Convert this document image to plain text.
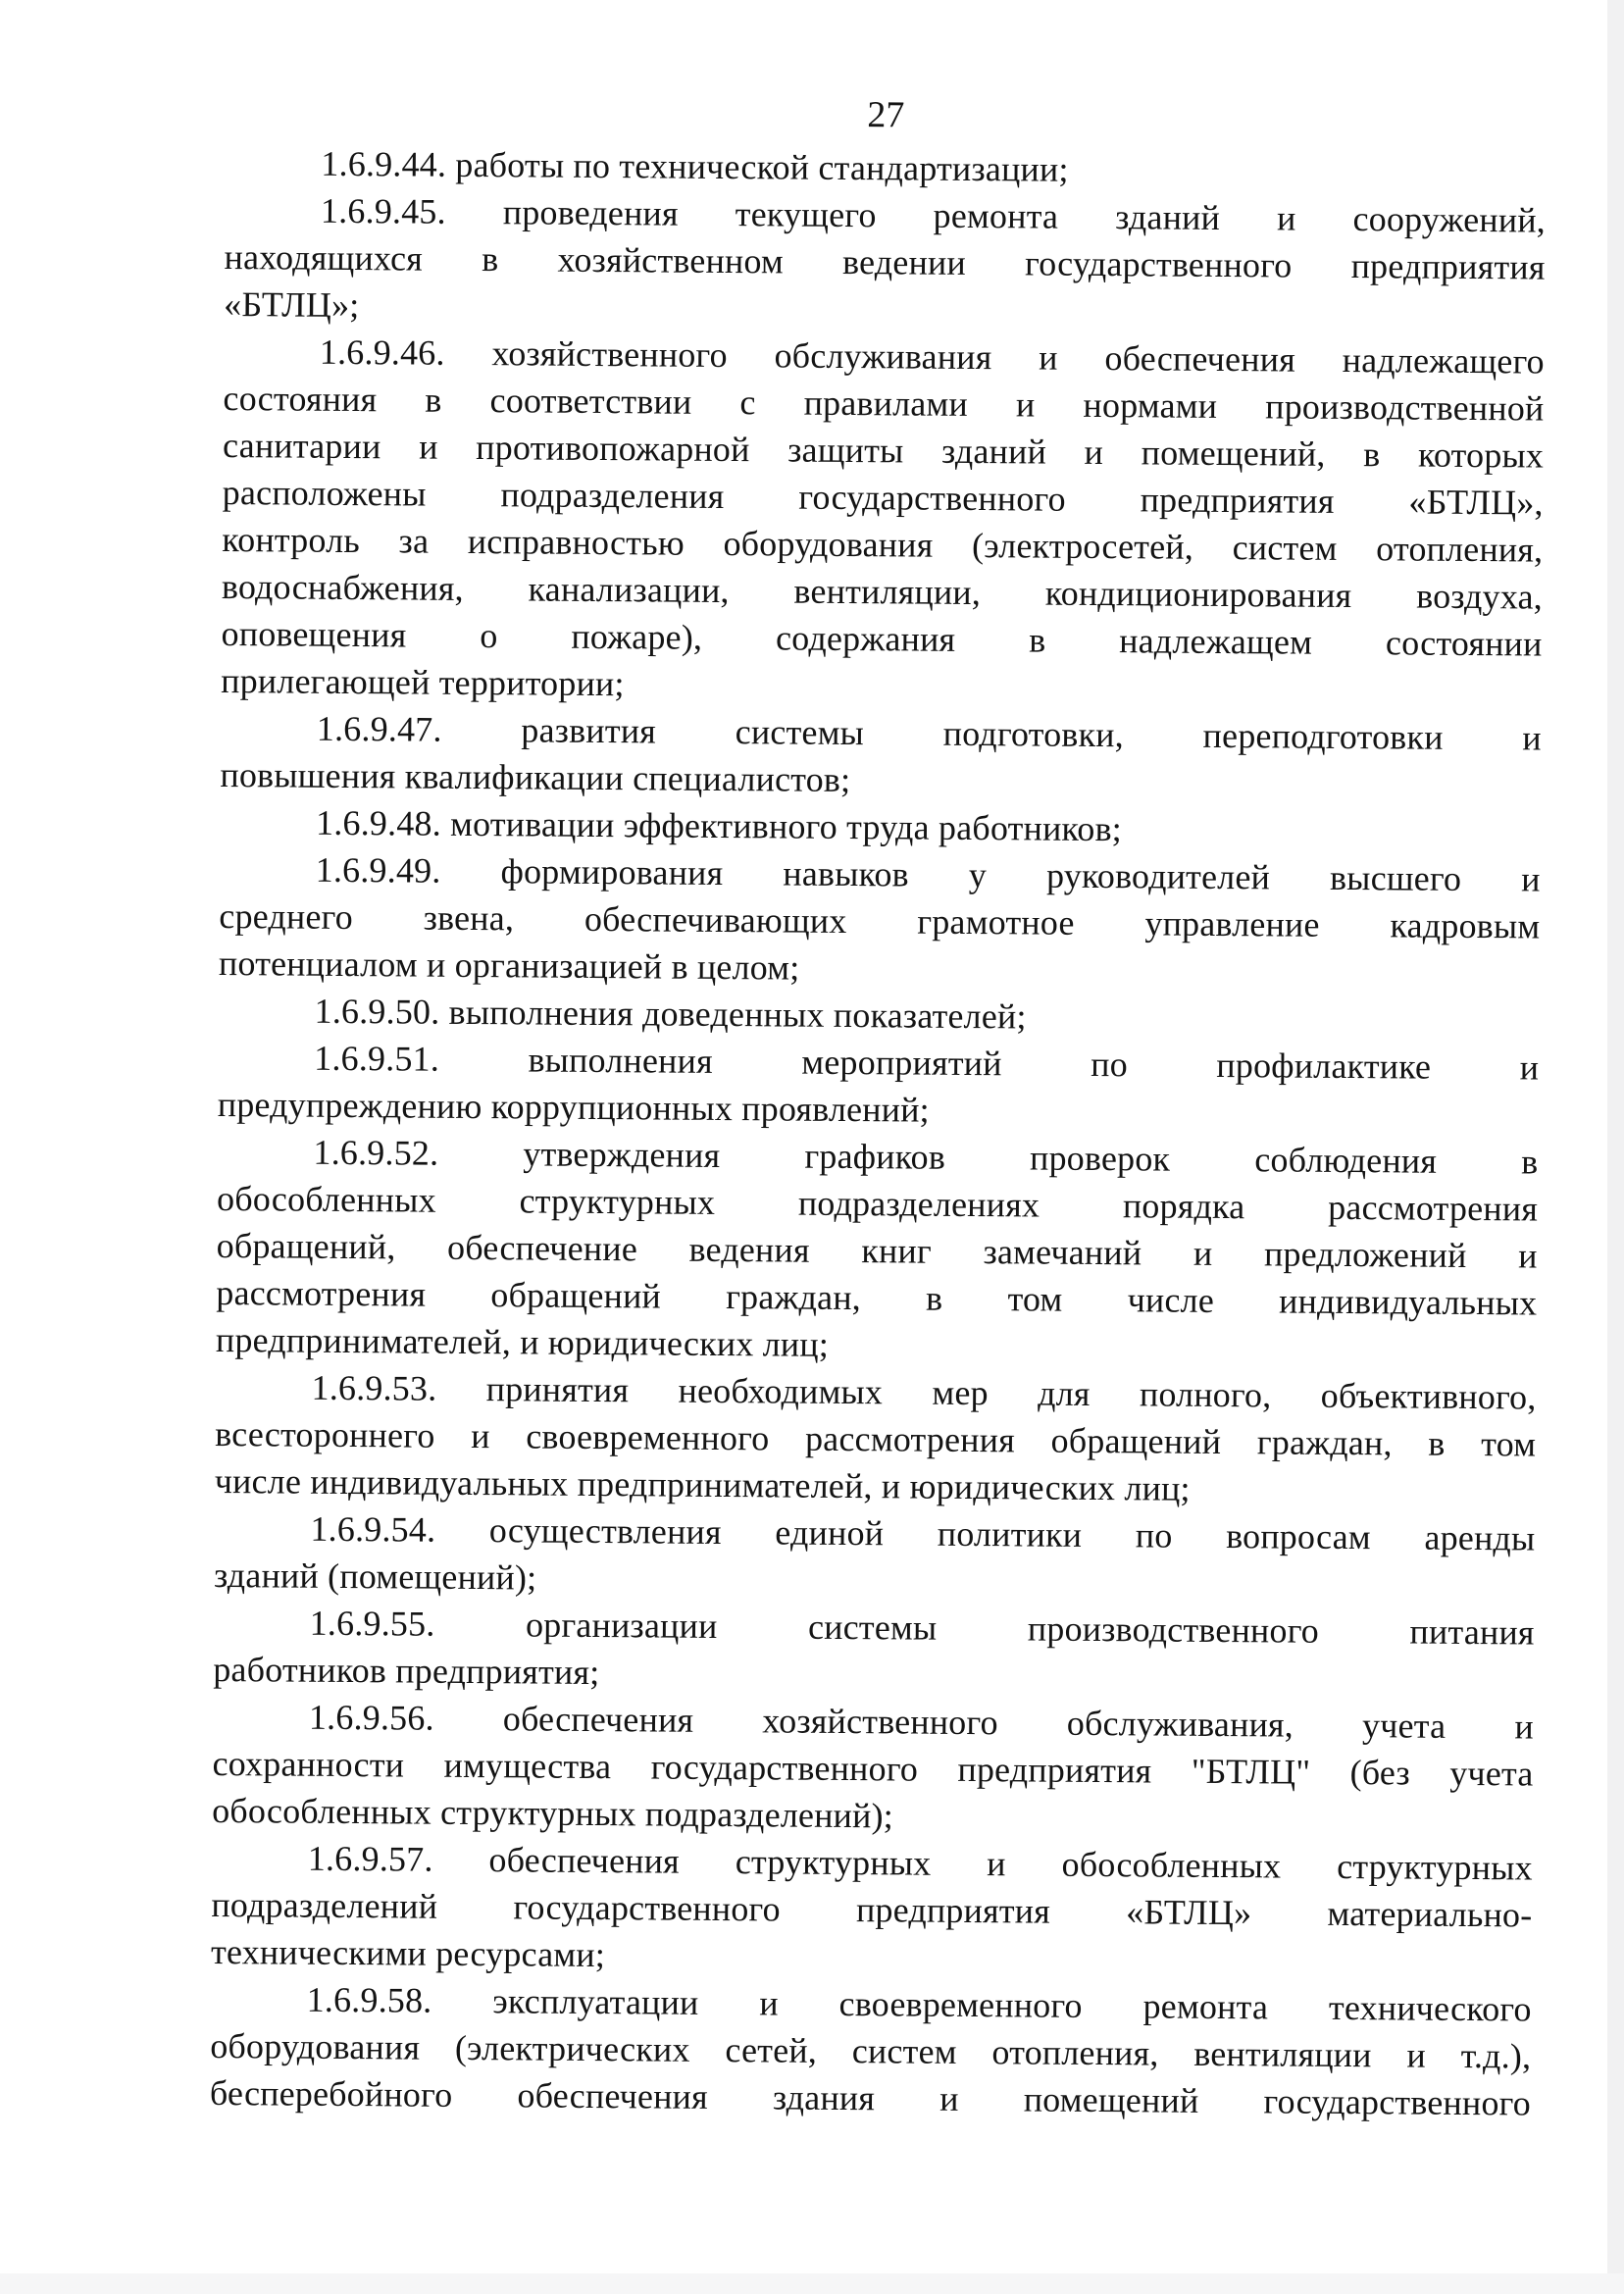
27
1.6.9.44. работы по технической стандартизации;
1.6.9.45. проведения текущего ремонта зданий и сооружений,
находящихся в хозяйственном ведении государственного предприятия
«БТЛЦ»;
1.6.9.46. хозяйственного обслуживания и обеспечения надлежащего
состояния в соответствии с правилами и нормами производственной
санитарии и противопожарной защиты зданий и помещений, в которых
расположены подразделения государственного предприятия «БТЛЦ»,
контроль за исправностью оборудования (электросетей, систем отопления,
водоснабжения, канализации, вентиляции, кондиционирования воздуха,
оповещения о пожаре), содержания в надлежащем состоянии
прилегающей территории;
1.6.9.47. развития системы подготовки, переподготовки и
повышения квалификации специалистов;
1.6.9.48. мотивации эффективного труда работников;
1.6.9.49. формирования навыков у руководителей высшего и
среднего звена, обеспечивающих грамотное управление кадровым
потенциалом и организацией в целом;
1.6.9.50. выполнения доведенных показателей;
1.6.9.51. выполнения мероприятий по профилактике и
предупреждению коррупционных проявлений;
1.6.9.52. утверждения графиков проверок соблюдения в
обособленных структурных подразделениях порядка рассмотрения
обращений, обеспечение ведения книг замечаний и предложений и
рассмотрения обращений граждан, в том числе индивидуальных
предпринимателей, и юридических лиц;
1.6.9.53. принятия необходимых мер для полного, объективного,
всестороннего и своевременного рассмотрения обращений граждан, в том
числе индивидуальных предпринимателей, и юридических лиц;
1.6.9.54. осуществления единой политики по вопросам аренды
зданий (помещений);
1.6.9.55. организации системы производственного питания
работников предприятия;
1.6.9.56. обеспечения хозяйственного обслуживания, учета и
сохранности имущества государственного предприятия "БТЛЦ" (без учета
обособленных структурных подразделений);
1.6.9.57. обеспечения структурных и обособленных структурных
подразделений государственного предприятия «БТЛЦ» материально-
техническими ресурсами;
1.6.9.58. эксплуатации и своевременного ремонта технического
оборудования (электрических сетей, систем отопления, вентиляции и т.д.),
бесперебойного обеспечения здания и помещений государственного
